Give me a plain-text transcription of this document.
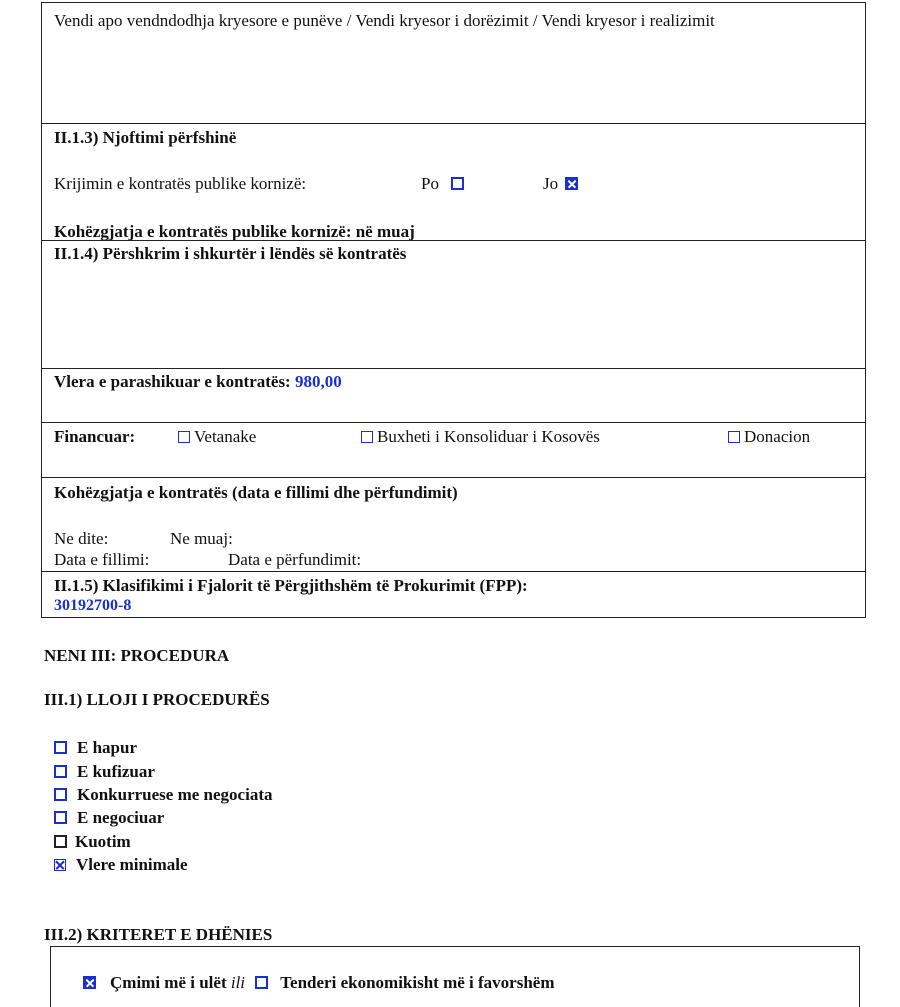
Vendi apo vendndodhja kryesore e punëve / Vendi kryesor i dorëzimit / Vendi kryesor i realizimit
II.1.3) Njoftimi përfshinë
Krijimin e kontratës publike kornizë:	Po	Jo
Kohëzgjatja e kontratës publike kornizë: në muaj
II.1.4) Përshkrim i shkurtër i lëndës së kontratës
Vlera e parashikuar e kontratës: 980,00
Financuar:	Vetanake	Buxheti i Konsoliduar i Kosovës	Donacion
Kohëzgjatja e kontratës (data e fillimi dhe përfundimit)
Ne dite:	Ne muaj:
Data e fillimi:	Data e përfundimit:
II.1.5) Klasifikimi i Fjalorit të Përgjithshëm të Prokurimit (FPP):
30192700-8
NENI III: PROCEDURA
III.1) LLOJI I PROCEDURËS
E hapur
E kufizuar
Konkurruese me negociata
E negociuar
Kuotim
Vlere minimale
III.2) KRITERET E DHËNIES
Çmimi më i ulët ili Tenderi ekonomikisht më i favorshëm
